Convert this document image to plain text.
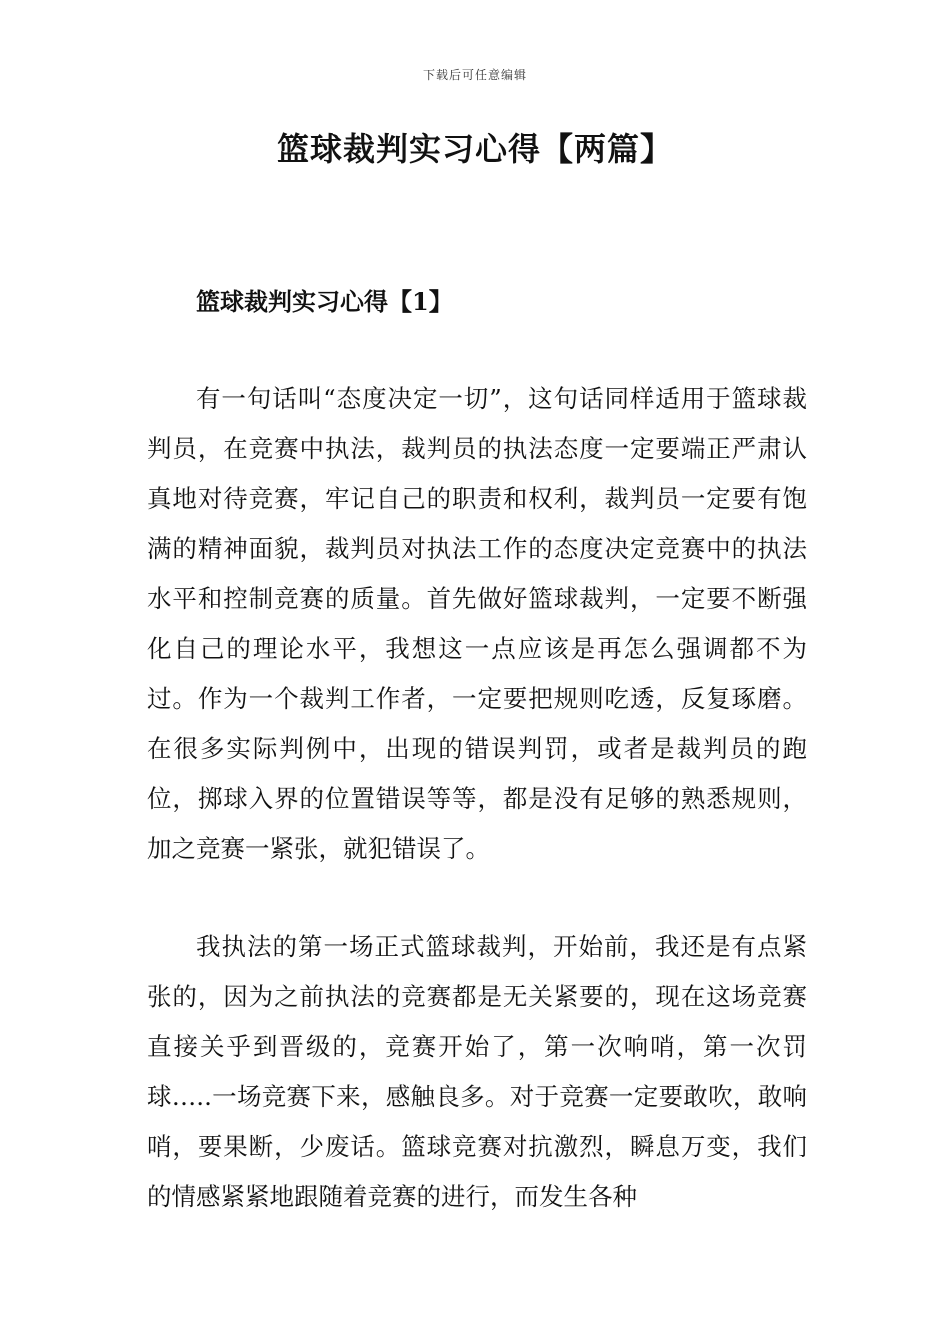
下载后可任意编辑
篮球裁判实习心得【两篇】
篮球裁判实习心得【1】

有一句话叫“态度决定一切”，这句话同样适用于篮球裁判员，在竞赛中执法，裁判员的执法态度一定要端正严肃认真地对待竞赛，牢记自己的职责和权利，裁判员一定要有饱满的精神面貌，裁判员对执法工作的态度决定竞赛中的执法水平和控制竞赛的质量。首先做好篮球裁判，一定要不断强化自己的理论水平，我想这一点应该是再怎么强调都不为过。作为一个裁判工作者，一定要把规则吃透，反复琢磨。在很多实际判例中，出现的错误判罚，或者是裁判员的跑位，掷球入界的位置错误等等，都是没有足够的熟悉规则，加之竞赛一紧张，就犯错误了。

我执法的第一场正式篮球裁判，开始前，我还是有点紧张的，因为之前执法的竞赛都是无关紧要的，现在这场竞赛直接关乎到晋级的，竞赛开始了，第一次响哨，第一次罚球…..一场竞赛下来，感触良多。对于竞赛一定要敢吹，敢响哨，要果断，少废话。篮球竞赛对抗激烈，瞬息万变，我们的情感紧紧地跟随着竞赛的进行，而发生各种
